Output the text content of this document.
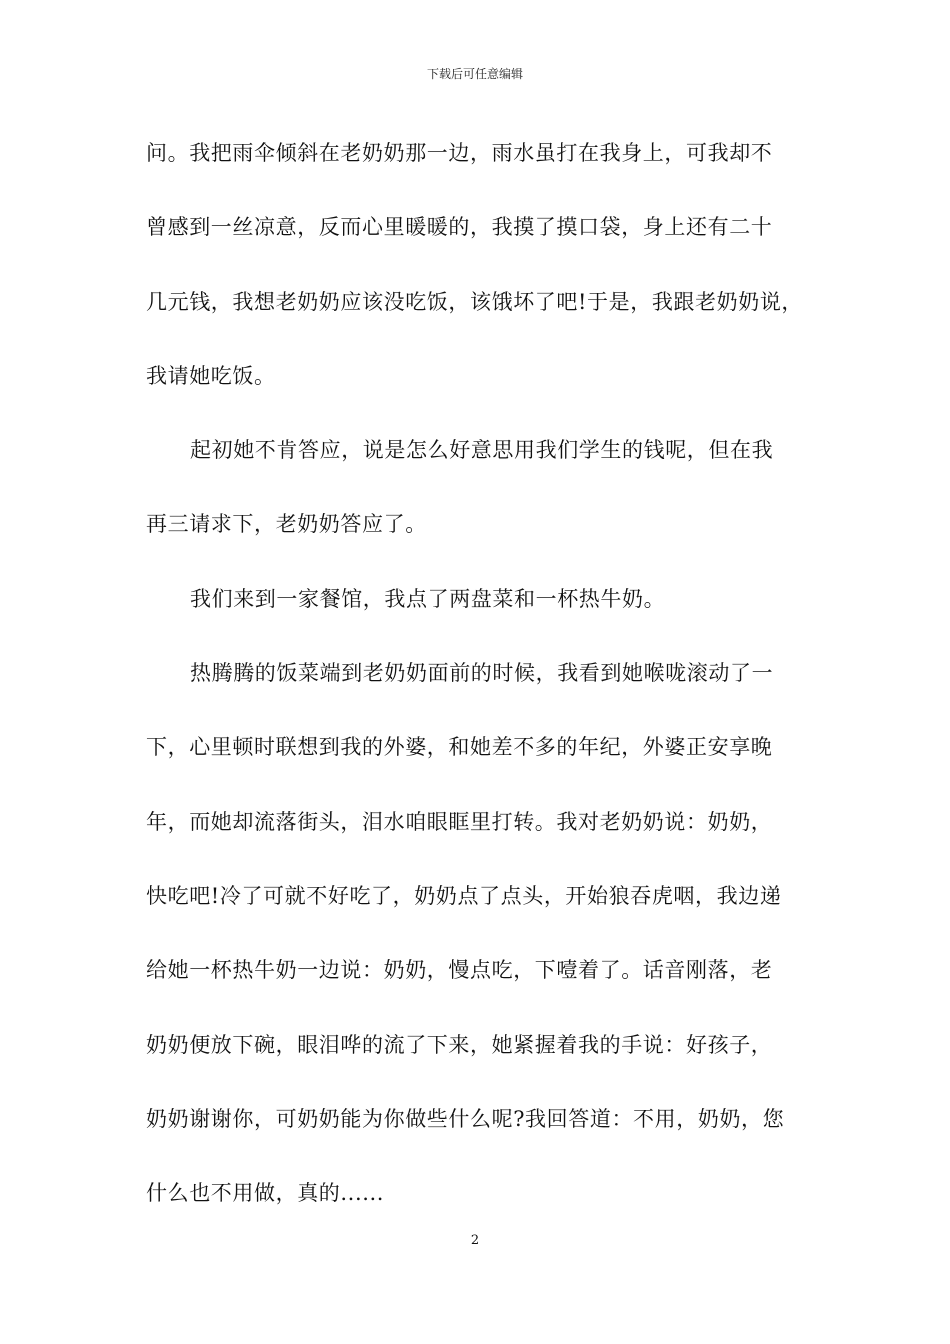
下载后可任意编辑
问。我把雨伞倾斜在老奶奶那一边，雨水虽打在我身上，可我却不
曾感到一丝凉意，反而心里暖暖的，我摸了摸口袋，身上还有二十
几元钱，我想老奶奶应该没吃饭，该饿坏了吧!于是，我跟老奶奶说，
我请她吃饭。
起初她不肯答应，说是怎么好意思用我们学生的钱呢，但在我
再三请求下，老奶奶答应了。
我们来到一家餐馆，我点了两盘菜和一杯热牛奶。
热腾腾的饭菜端到老奶奶面前的时候，我看到她喉咙滚动了一
下，心里顿时联想到我的外婆，和她差不多的年纪，外婆正安享晚
年，而她却流落街头，泪水咱眼眶里打转。我对老奶奶说：奶奶，
快吃吧!冷了可就不好吃了，奶奶点了点头，开始狼吞虎咽，我边递
给她一杯热牛奶一边说：奶奶，慢点吃，下噎着了。话音刚落，老
奶奶便放下碗，眼泪哗的流了下来，她紧握着我的手说：好孩子，
奶奶谢谢你，可奶奶能为你做些什么呢?我回答道：不用，奶奶，您
什么也不用做，真的......
2
